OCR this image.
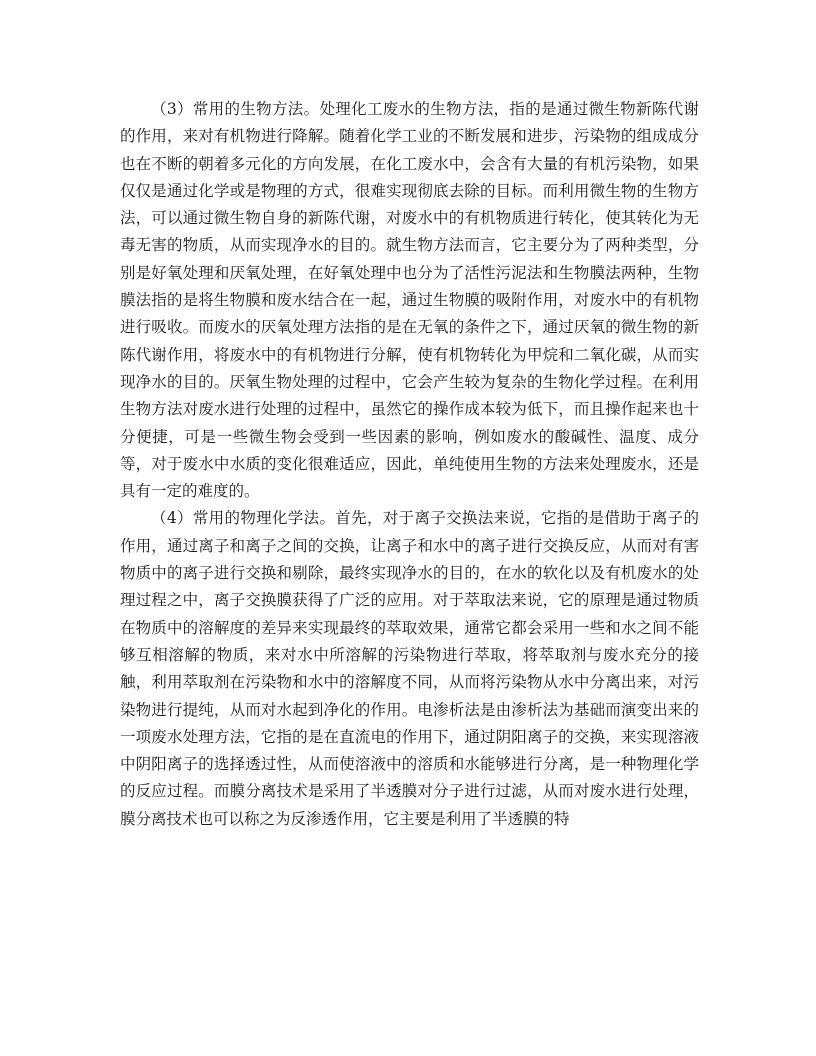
（3）常用的生物方法。处理化工废水的生物方法，指的是通过微生物新陈代谢的作用，来对有机物进行降解。随着化学工业的不断发展和进步，污染物的组成成分也在不断的朝着多元化的方向发展，在化工废水中，会含有大量的有机污染物，如果仅仅是通过化学或是物理的方式，很难实现彻底去除的目标。而利用微生物的生物方法，可以通过微生物自身的新陈代谢，对废水中的有机物质进行转化，使其转化为无毒无害的物质，从而实现净水的目的。就生物方法而言，它主要分为了两种类型，分别是好氧处理和厌氧处理，在好氧处理中也分为了活性污泥法和生物膜法两种，生物膜法指的是将生物膜和废水结合在一起，通过生物膜的吸附作用，对废水中的有机物进行吸收。而废水的厌氧处理方法指的是在无氧的条件之下，通过厌氧的微生物的新陈代谢作用，将废水中的有机物进行分解，使有机物转化为甲烷和二氧化碳，从而实现净水的目的。厌氧生物处理的过程中，它会产生较为复杂的生物化学过程。在利用生物方法对废水进行处理的过程中，虽然它的操作成本较为低下，而且操作起来也十分便捷，可是一些微生物会受到一些因素的影响，例如废水的酸碱性、温度、成分等，对于废水中水质的变化很难适应，因此，单纯使用生物的方法来处理废水，还是具有一定的难度的。

（4）常用的物理化学法。首先，对于离子交换法来说，它指的是借助于离子的作用，通过离子和离子之间的交换，让离子和水中的离子进行交换反应，从而对有害物质中的离子进行交换和剔除，最终实现净水的目的，在水的软化以及有机废水的处理过程之中，离子交换膜获得了广泛的应用。对于萃取法来说，它的原理是通过物质在物质中的溶解度的差异来实现最终的萃取效果，通常它都会采用一些和水之间不能够互相溶解的物质，来对水中所溶解的污染物进行萃取，将萃取剂与废水充分的接触，利用萃取剂在污染物和水中的溶解度不同，从而将污染物从水中分离出来，对污染物进行提纯，从而对水起到净化的作用。电渗析法是由渗析法为基础而演变出来的一项废水处理方法，它指的是在直流电的作用下，通过阴阳离子的交换，来实现溶液中阴阳离子的选择透过性，从而使溶液中的溶质和水能够进行分离，是一种物理化学的反应过程。而膜分离技术是采用了半透膜对分子进行过滤，从而对废水进行处理，膜分离技术也可以称之为反渗透作用，它主要是利用了半透膜的特
